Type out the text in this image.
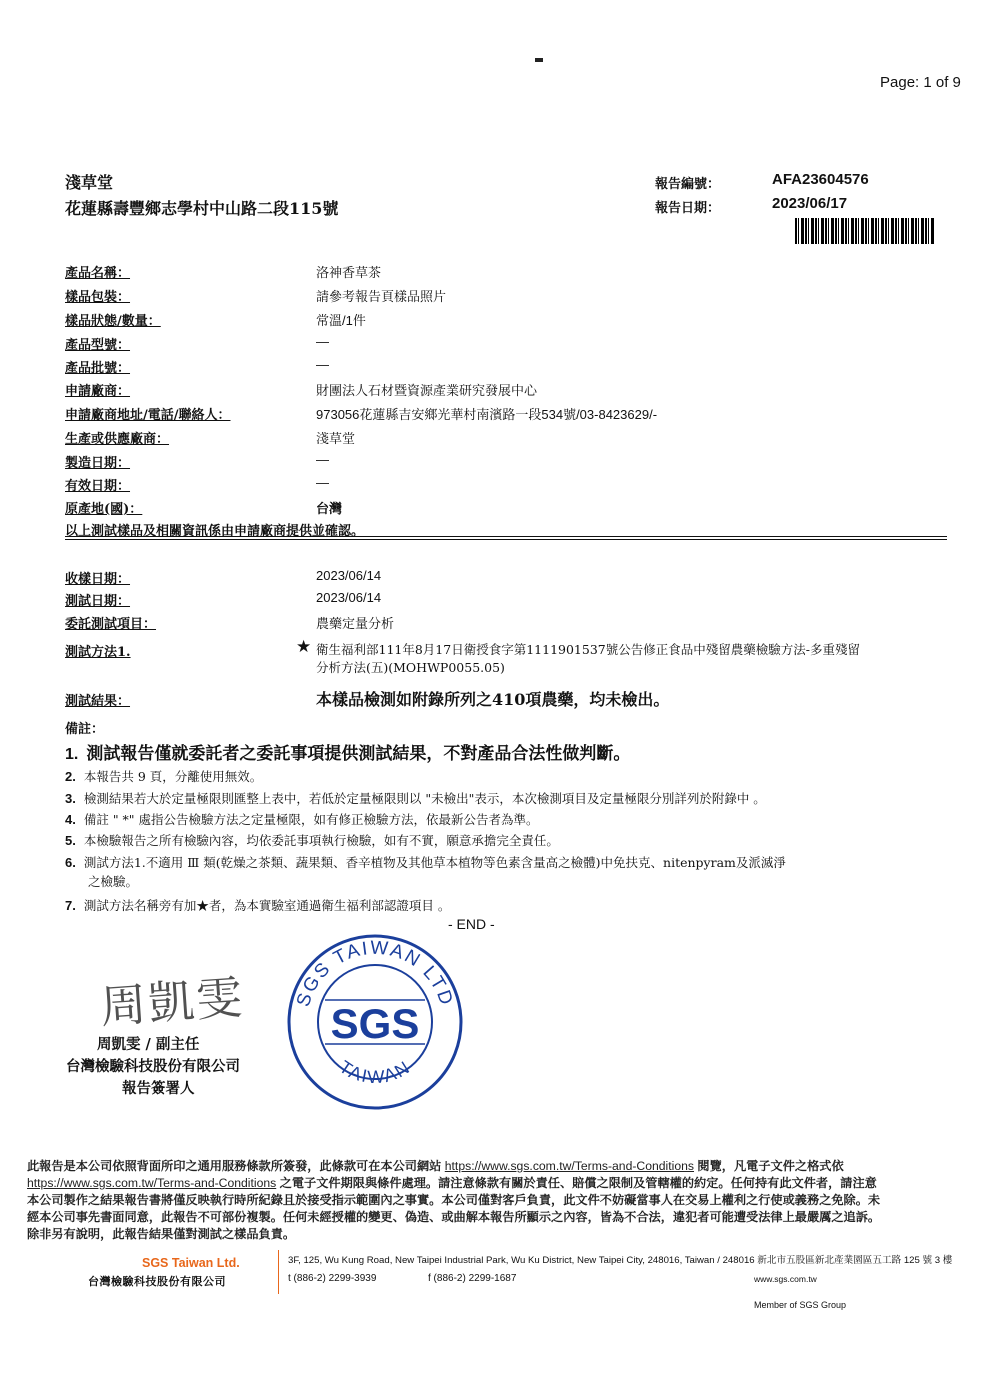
Page: 1 of 9
淺草堂
花蓮縣壽豐鄉志學村中山路二段115號
報告編號：	AFA23604576
報告日期：	2023/06/17
產品名稱：	洛神香草茶
樣品包裝：	請參考報告頁樣品照片
樣品狀態/數量：	常溫/1件
產品型號：	—
產品批號：	—
申請廠商：	財團法人石材暨資源產業研究發展中心
申請廠商地址/電話/聯絡人：	973056花蓮縣吉安鄉光華村南濱路一段534號/03-8423629/-
生產或供應廠商：	淺草堂
製造日期：	—
有效日期：	—
原產地(國)：	台灣
以上測試樣品及相關資訊係由申請廠商提供並確認。
收樣日期：	2023/06/14
測試日期：	2023/06/14
委託測試項目：	農藥定量分析
測試方法1.	★ 衛生福利部111年8月17日衛授食字第1111901537號公告修正食品中殘留農藥檢驗方法-多重殘留
分析方法(五)(MOHWP0055.05)
測試結果：	本樣品檢測如附錄所列之410項農藥，均未檢出。
備註：
1. 測試報告僅就委託者之委託事項提供測試結果，不對產品合法性做判斷。
2. 本報告共 9 頁，分離使用無效。
3. 檢測結果若大於定量極限則匯整上表中，若低於定量極限則以 "未檢出"表示，本次檢測項目及定量極限分別詳列於附錄中 。
4. 備註 " *" 處指公告檢驗方法之定量極限，如有修正檢驗方法，依最新公告者為準。
5. 本檢驗報告之所有檢驗內容，均依委託事項執行檢驗，如有不實，願意承擔完全責任。
6. 測試方法1.不適用 Ⅲ 類(乾燥之茶類、蔬果類、香辛植物及其他草本植物等色素含量高之檢體)中免扶克、nitenpyram及派滅淨
之檢驗。
7. 測試方法名稱旁有加★者，為本實驗室通過衛生福利部認證項目 。
- END -
周凱雯
周凱雯 / 副主任
台灣檢驗科技股份有限公司
報告簽署人
SGS TAIWAN LTD
SGS
TAIWAN
此報告是本公司依照背面所印之通用服務條款所簽發，此條款可在本公司網站 https://www.sgs.com.tw/Terms-and-Conditions 閱覽，凡電子文件之格式依
https://www.sgs.com.tw/Terms-and-Conditions 之電子文件期限與條件處理。請注意條款有關於責任、賠償之限制及管轄權的約定。任何持有此文件者，請注意
本公司製作之結果報告書將僅反映執行時所紀錄且於接受指示範圍內之事實。本公司僅對客戶負責，此文件不妨礙當事人在交易上權利之行使或義務之免除。未
經本公司事先書面同意，此報告不可部份複製。任何未經授權的變更、偽造、或曲解本報告所顯示之內容，皆為不合法，違犯者可能遭受法律上最嚴厲之追訴。
除非另有說明，此報告結果僅對測試之樣品負責。
SGS Taiwan Ltd.
台灣檢驗科技股份有限公司
3F, 125, Wu Kung Road, New Taipei Industrial Park, Wu Ku District, New Taipei City, 248016, Taiwan / 248016 新北市五股區新北產業園區五工路 125 號 3 樓
t (886-2) 2299-3939	f (886-2) 2299-1687	www.sgs.com.tw
Member of SGS Group
